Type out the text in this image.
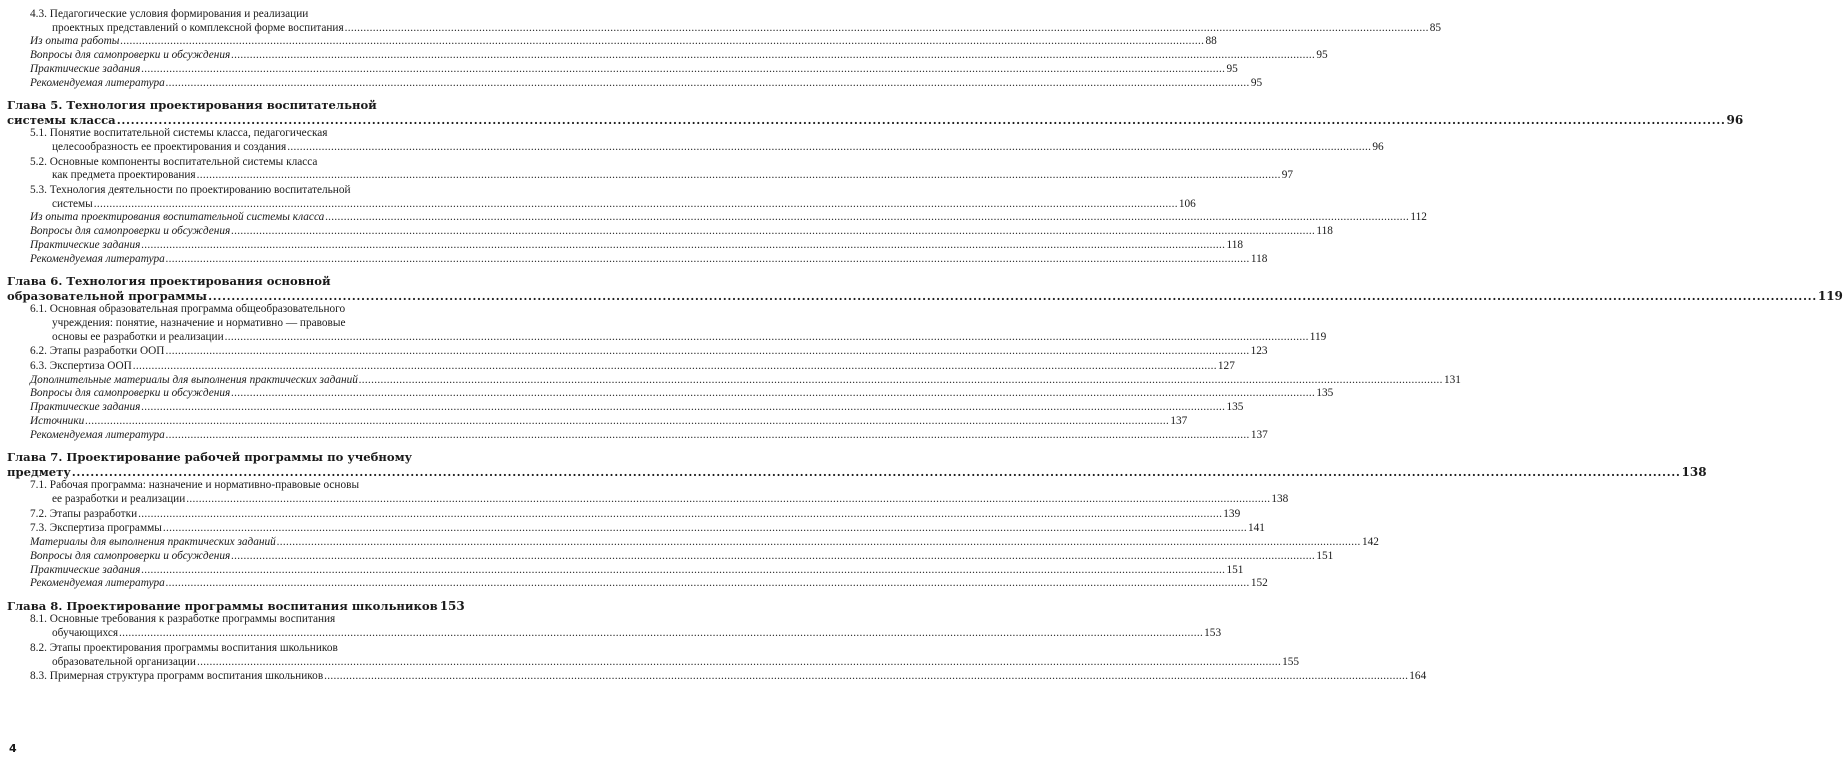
4.3. Педагогические условия формирования и реализации
проектных представлений о комплексной форме воспитания .....	85
Из опыта работы .....	88
Вопросы для самопроверки и обсуждения .....	95
Практические задания .....	95
Рекомендуемая литература .....	95
Глава 5. Технология проектирования воспитательной
системы класса .....	96
5.1. Понятие воспитательной системы класса, педагогическая
целесообразность ее проектирования и создания .....	96
5.2. Основные компоненты воспитательной системы класса
как предмета проектирования .....	97
5.3. Технология деятельности по проектированию воспитательной
системы .....	106
Из опыта проектирования воспитательной системы класса .....	112
Вопросы для самопроверки и обсуждения .....	118
Практические задания .....	118
Рекомендуемая литература .....	118
Глава 6. Технология проектирования основной
образовательной программы .....	119
6.1. Основная образовательная программа общеобразовательного
учреждения: понятие, назначение и нормативно — правовые
основы ее разработки и реализации .....	119
6.2. Этапы разработки ООП .....	123
6.3. Экспертиза ООП .....	127
Дополнительные материалы для выполнения практических заданий .....	131
Вопросы для самопроверки и обсуждения .....	135
Практические задания .....	135
Источники .....	137
Рекомендуемая литература .....	137
Глава 7. Проектирование рабочей программы по учебному
предмету .....	138
7.1. Рабочая программа: назначение и нормативно-правовые основы
ее разработки и реализации .....	138
7.2. Этапы разработки .....	139
7.3. Экспертиза программы .....	141
Материалы для выполнения практических заданий .....	142
Вопросы для самопроверки и обсуждения .....	151
Практические задания .....	151
Рекомендуемая литература .....	152
Глава 8. Проектирование программы воспитания школьников 153
8.1. Основные требования к разработке программы воспитания
обучающихся .....	153
8.2. Этапы проектирования программы воспитания школьников
образовательной организации .....	155
8.3. Примерная структура программ воспитания школьников .....	164
4
